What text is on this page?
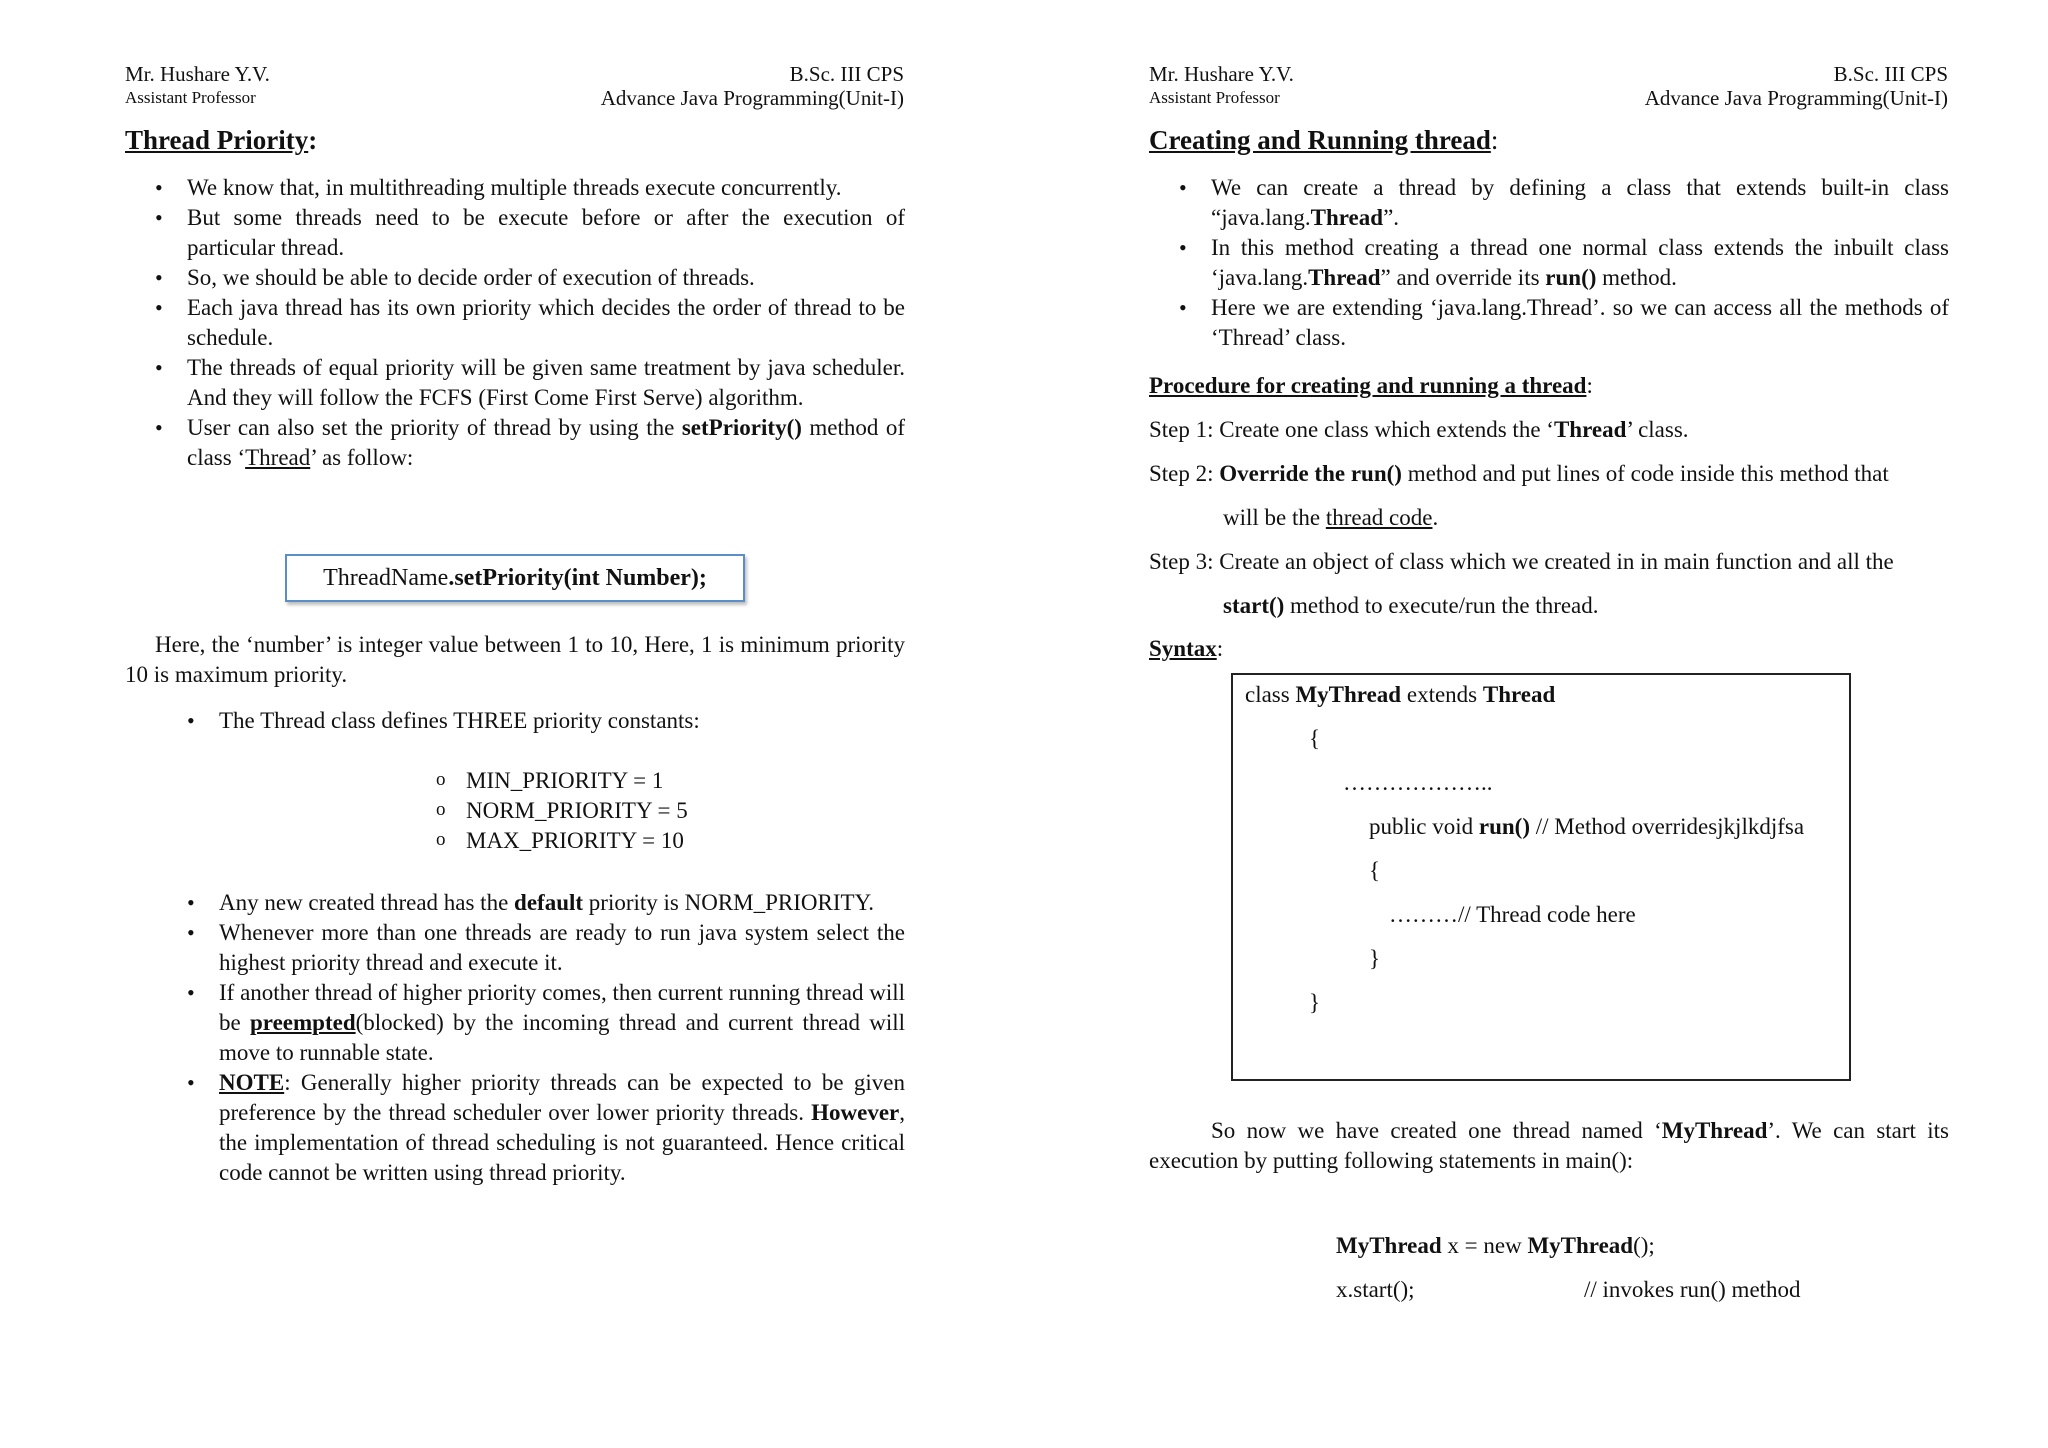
Mr. Hushare Y.V.
Assistant Professor
B.Sc. III CPS
Advance Java Programming(Unit-I)
Thread Priority:
• We know that, in multithreading multiple threads execute concurrently.
• But some threads need to be execute before or after the execution of particular thread.
• So, we should be able to decide order of execution of threads.
• Each java thread has its own priority which decides the order of thread to be schedule.
• The threads of equal priority will be given same treatment by java scheduler. And they will follow the FCFS (First Come First Serve) algorithm.
• User can also set the priority of thread by using the setPriority() method of class ‘Thread’ as follow:
ThreadName.setPriority(int Number);
Here, the ‘number’ is integer value between 1 to 10, Here, 1 is minimum priority 10 is maximum priority.
• The Thread class defines THREE priority constants:
o MIN_PRIORITY = 1
o NORM_PRIORITY = 5
o MAX_PRIORITY = 10
• Any new created thread has the default priority is NORM_PRIORITY.
• Whenever more than one threads are ready to run java system select the highest priority thread and execute it.
• If another thread of higher priority comes, then current running thread will be preempted(blocked) by the incoming thread and current thread will move to runnable state.
• NOTE: Generally higher priority threads can be expected to be given preference by the thread scheduler over lower priority threads. However, the implementation of thread scheduling is not guaranteed. Hence critical code cannot be written using thread priority.
Mr. Hushare Y.V.
Assistant Professor
B.Sc. III CPS
Advance Java Programming(Unit-I)
Creating and Running thread:
• We can create a thread by defining a class that extends built-in class “java.lang.Thread”.
• In this method creating a thread one normal class extends the inbuilt class ‘java.lang.Thread” and override its run() method.
• Here we are extending ‘java.lang.Thread’. so we can access all the methods of ‘Thread’ class.
Procedure for creating and running a thread:
Step 1: Create one class which extends the ‘Thread’ class.
Step 2: Override the run() method and put lines of code inside this method that
will be the thread code.
Step 3: Create an object of class which we created in in main function and all the
start() method to execute/run the thread.
Syntax:
class MyThread extends Thread
{
………………..
public void run() // Method overridesjkjlkdjfsa
{
………// Thread code here
}
}
So now we have created one thread named ‘MyThread’. We can start its execution by putting following statements in main():
MyThread x = new MyThread();
x.start();	// invokes run() method
